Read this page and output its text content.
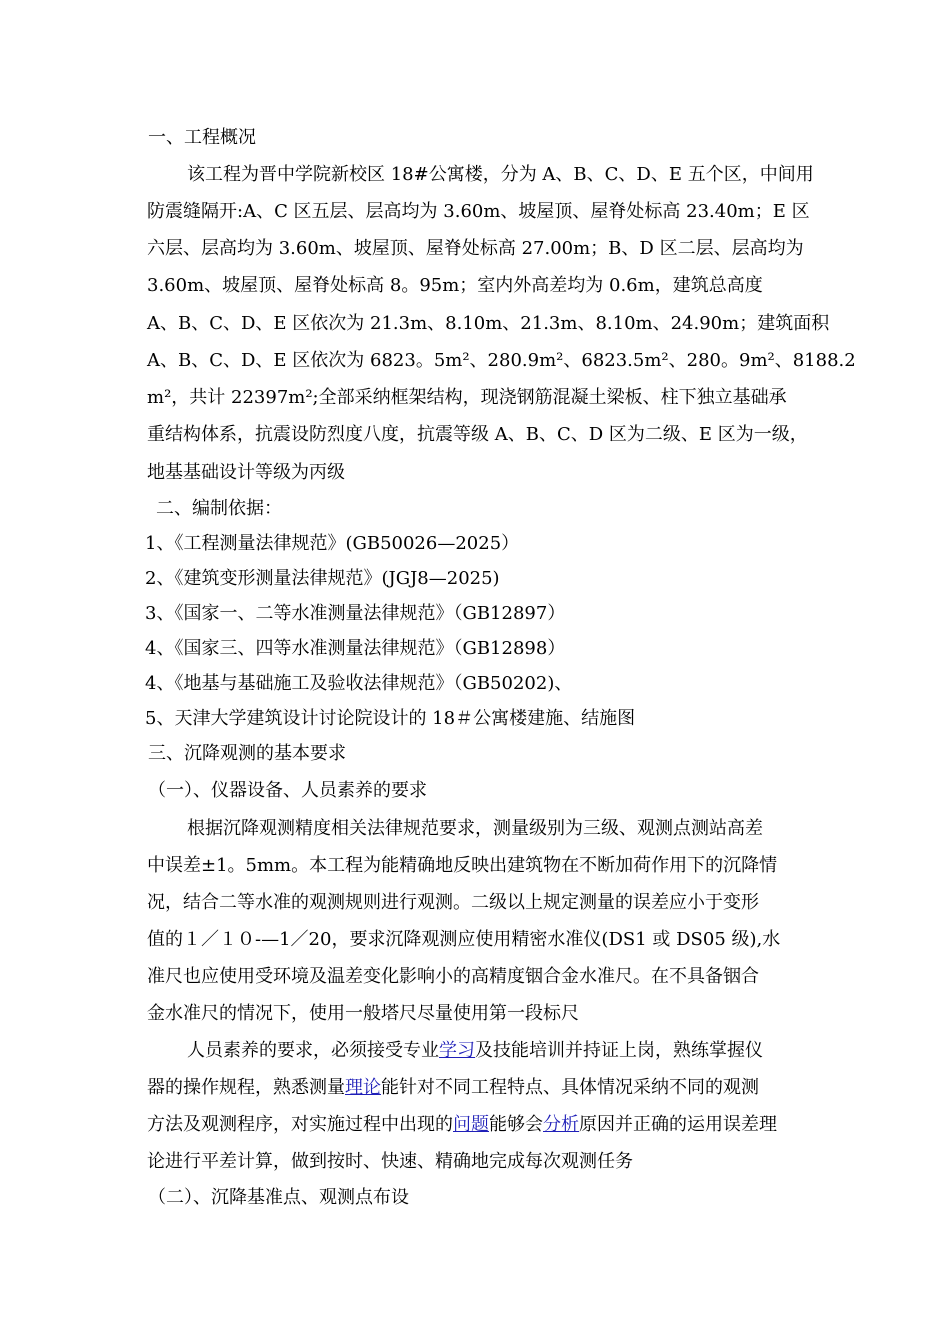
一、工程概况
该工程为晋中学院新校区 18#公寓楼，分为 A、B、C、D、E 五个区，中间用
防震缝隔开:A、C 区五层、层高均为 3.60m、坡屋顶、屋脊处标高 23.40m；E 区
六层、层高均为 3.60m、坡屋顶、屋脊处标高 27.00m；B、D 区二层、层高均为
3.60m、坡屋顶、屋脊处标高 8。95m；室内外高差均为 0.6m，建筑总高度
A、B、C、D、E 区依次为 21.3m、8.10m、21.3m、8.10m、24.90m；建筑面积
A、B、C、D、E 区依次为 6823。5m²、280.9m²、6823.5m²、280。9m²、8188.2
m²，共计 22397m²;全部采纳框架结构，现浇钢筋混凝土梁板、柱下独立基础承
重结构体系，抗震设防烈度八度，抗震等级 A、B、C、D 区为二级、E 区为一级，
地基基础设计等级为丙级
二、编制依据：
1、《工程测量法律规范》(GB50026—2025）
2、《建筑变形测量法律规范》(JGJ8—2025)
3、《国家一、二等水准测量法律规范》（GB12897）
4、《国家三、四等水准测量法律规范》（GB12898）
4、《地基与基础施工及验收法律规范》（GB50202)、
5、天津大学建筑设计讨论院设计的 18＃公寓楼建施、结施图
三、沉降观测的基本要求
（一）、仪器设备、人员素养的要求
根据沉降观测精度相关法律规范要求，测量级别为三级、观测点测站高差
中误差±1。5mm。本工程为能精确地反映出建筑物在不断加荷作用下的沉降情
况，结合二等水准的观测规则进行观测。二级以上规定测量的误差应小于变形
值的１／１０-—1／20，要求沉降观测应使用精密水准仪(DS1 或 DS05 级),水
准尺也应使用受环境及温差变化影响小的高精度铟合金水准尺。在不具备铟合
金水准尺的情况下，使用一般塔尺尽量使用第一段标尺
人员素养的要求，必须接受专业学习及技能培训并持证上岗，熟练掌握仪
器的操作规程，熟悉测量理论能针对不同工程特点、具体情况采纳不同的观测
方法及观测程序，对实施过程中出现的问题能够会分析原因并正确的运用误差理
论进行平差计算，做到按时、快速、精确地完成每次观测任务
（二）、沉降基准点、观测点布设
